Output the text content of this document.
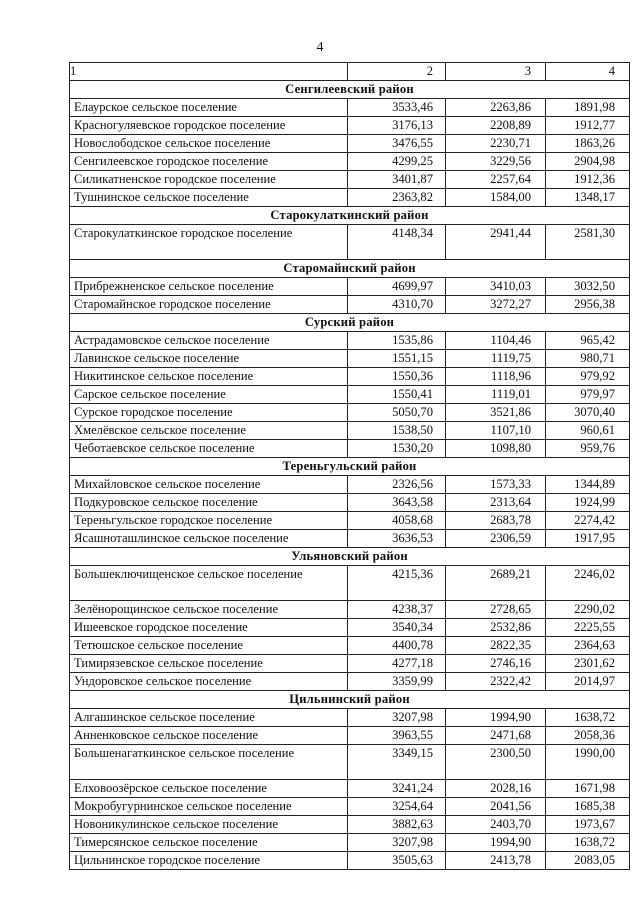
4
1	2	3	4
Сенгилеевский район			
Елаурское сельское поселение	3533,46	2263,86	1891,98
Красногуляевское городское поселение	3176,13	2208,89	1912,77
Новослободское сельское поселение	3476,55	2230,71	1863,26
Сенгилеевское городское поселение	4299,25	3229,56	2904,98
Силикатненское городское поселение	3401,87	2257,64	1912,36
Тушнинское сельское поселение	2363,82	1584,00	1348,17
Старокулаткинский район			
Старокулаткинское городское поселение	4148,34	2941,44	2581,30
Старомайнский район			
Прибрежненское сельское поселение	4699,97	3410,03	3032,50
Старомайнское городское поселение	4310,70	3272,27	2956,38
Сурский район			
Астрадамовское сельское поселение	1535,86	1104,46	965,42
Лавинское сельское поселение	1551,15	1119,75	980,71
Никитинское сельское поселение	1550,36	1118,96	979,92
Сарское сельское поселение	1550,41	1119,01	979,97
Сурское городское поселение	5050,70	3521,86	3070,40
Хмелёвское сельское поселение	1538,50	1107,10	960,61
Чеботаевское сельское поселение	1530,20	1098,80	959,76
Тереньгульский район			
Михайловское сельское поселение	2326,56	1573,33	1344,89
Подкуровское сельское поселение	3643,58	2313,64	1924,99
Тереньгульское городское поселение	4058,68	2683,78	2274,42
Ясашноташлинское сельское поселение	3636,53	2306,59	1917,95
Ульяновский район			
Большеключищенское сельское поселение	4215,36	2689,21	2246,02
Зелёнорощинское сельское поселение	4238,37	2728,65	2290,02
Ишеевское городское поселение	3540,34	2532,86	2225,55
Тетюшское сельское поселение	4400,78	2822,35	2364,63
Тимирязевское сельское поселение	4277,18	2746,16	2301,62
Ундоровское сельское поселение	3359,99	2322,42	2014,97
Цильнинский район			
Алгашинское сельское поселение	3207,98	1994,90	1638,72
Анненковское сельское поселение	3963,55	2471,68	2058,36
Большенагаткинское сельское поселение	3349,15	2300,50	1990,00
Елховоозёрское сельское поселение	3241,24	2028,16	1671,98
Мокробугурнинское сельское поселение	3254,64	2041,56	1685,38
Новоникулинское сельское поселение	3882,63	2403,70	1973,67
Тимерсянское сельское поселение	3207,98	1994,90	1638,72
Цильнинское городское поселение	3505,63	2413,78	2083,05
